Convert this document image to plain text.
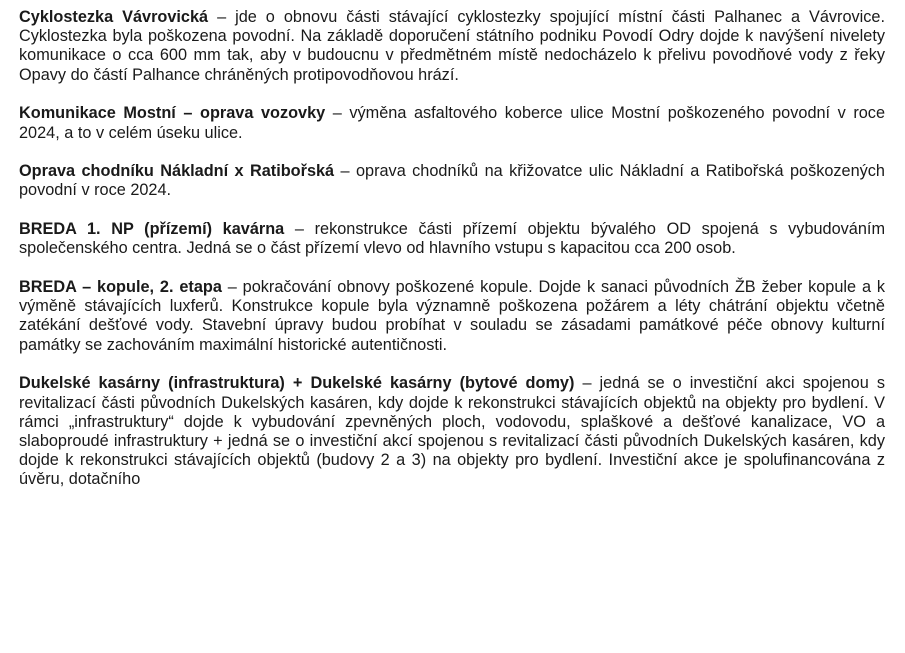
Cyklostezka Vávrovická – jde o obnovu části stávající cyklostezky spojující místní části Palhanec a Vávrovice. Cyklostezka byla poškozena povodní. Na základě doporučení státního podniku Povodí Odry dojde k navýšení nivelety komunikace o cca 600 mm tak, aby v budoucnu v předmětném místě nedocházelo k přelivu povodňové vody z řeky Opavy do částí Palhance chráněných protipovodňovou hrází.

Komunikace Mostní – oprava vozovky – výměna asfaltového koberce ulice Mostní poškozeného povodní v roce 2024, a to v celém úseku ulice.

Oprava chodníku Nákladní x Ratibořská – oprava chodníků na křižovatce ulic Nákladní a Ratibořská poškozených povodní v roce 2024.

BREDA 1. NP (přízemí) kavárna – rekonstrukce části přízemí objektu bývalého OD spojená s vybudováním společenského centra. Jedná se o část přízemí vlevo od hlavního vstupu s kapacitou cca 200 osob.

BREDA – kopule, 2. etapa – pokračování obnovy poškozené kopule. Dojde k sanaci původních ŽB žeber kopule a k výměně stávajících luxferů. Konstrukce kopule byla významně poškozena požárem a léty chátrání objektu včetně zatékání dešťové vody. Stavební úpravy budou probíhat v souladu se zásadami památkové péče obnovy kulturní památky se zachováním maximální historické autentičnosti.

Dukelské kasárny (infrastruktura) + Dukelské kasárny (bytové domy) – jedná se o investiční akci spojenou s revitalizací části původních Dukelských kasáren, kdy dojde k rekonstrukci stávajících objektů na objekty pro bydlení. V rámci „infrastruktury“ dojde k vybudování zpevněných ploch, vodovodu, splaškové a dešťové kanalizace, VO a slaboproudé infrastruktury + jedná se o investiční akcí spojenou s revitalizací části původních Dukelských kasáren, kdy dojde k rekonstrukci stávajících objektů (budovy 2 a 3) na objekty pro bydlení. Investiční akce je spolufinancována z úvěru, dotačního
